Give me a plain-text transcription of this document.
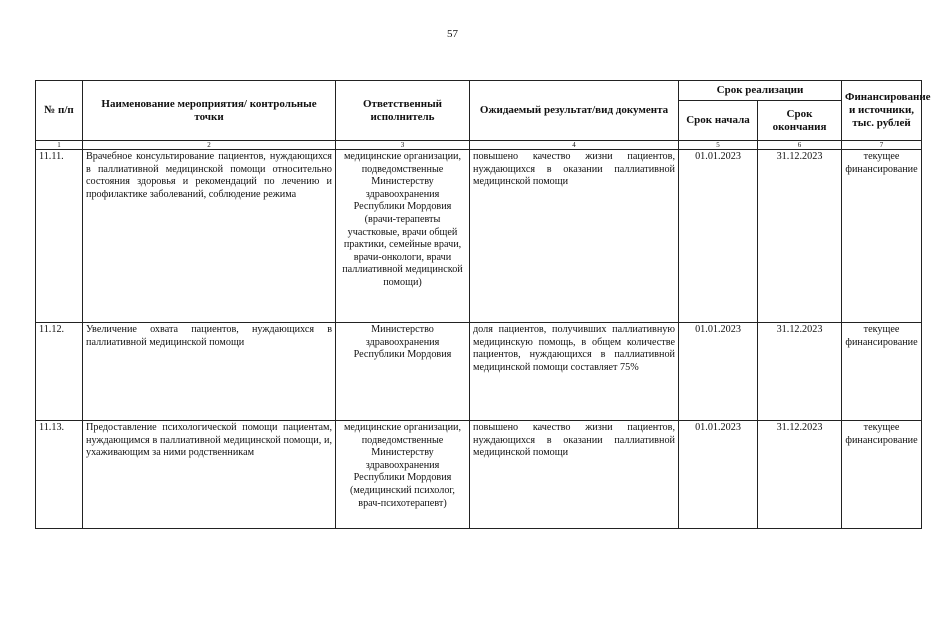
57
№ п/п	Наименование мероприятия/ контрольные точки	Ответственный исполнитель	Ожидаемый результат/вид документа	Срок реализации		Финансирование и источники, тыс. рублей
				Срок начала	Срок окончания	
1	2	3	4	5	6	7
11.11.	Врачебное консультирование пациентов, нуждающихся в паллиативной медицинской помощи относительно состояния здоровья и рекомендаций по лечению и профилактике заболеваний, соблюдение режима	медицинские организации, подведомственные Министерству здравоохранения Республики Мордовия (врачи-терапевты участковые, врачи общей практики, семейные врачи, врачи-онкологи, врачи паллиативной медицинской помощи)	повышено качество жизни пациентов, нуждающихся в оказании паллиативной медицинской помощи	01.01.2023	31.12.2023	текущее финансирование
11.12.	Увеличение охвата пациентов, нуждающихся в паллиативной медицинской помощи	Министерство здравоохранения Республики Мордовия	доля пациентов, получивших паллиативную медицинскую помощь, в общем количестве пациентов, нуждающихся в паллиативной медицинской помощи составляет 75%	01.01.2023	31.12.2023	текущее финансирование
11.13.	Предоставление психологической помощи пациентам, нуждающимся в паллиативной медицинской помощи, и, ухаживающим за ними родственникам	медицинские организации, подведомственные Министерству здравоохранения Республики Мордовия (медицинский психолог, врач-психотерапевт)	повышено качество жизни пациентов, нуждающихся в оказании паллиативной медицинской помощи	01.01.2023	31.12.2023	текущее финансирование
